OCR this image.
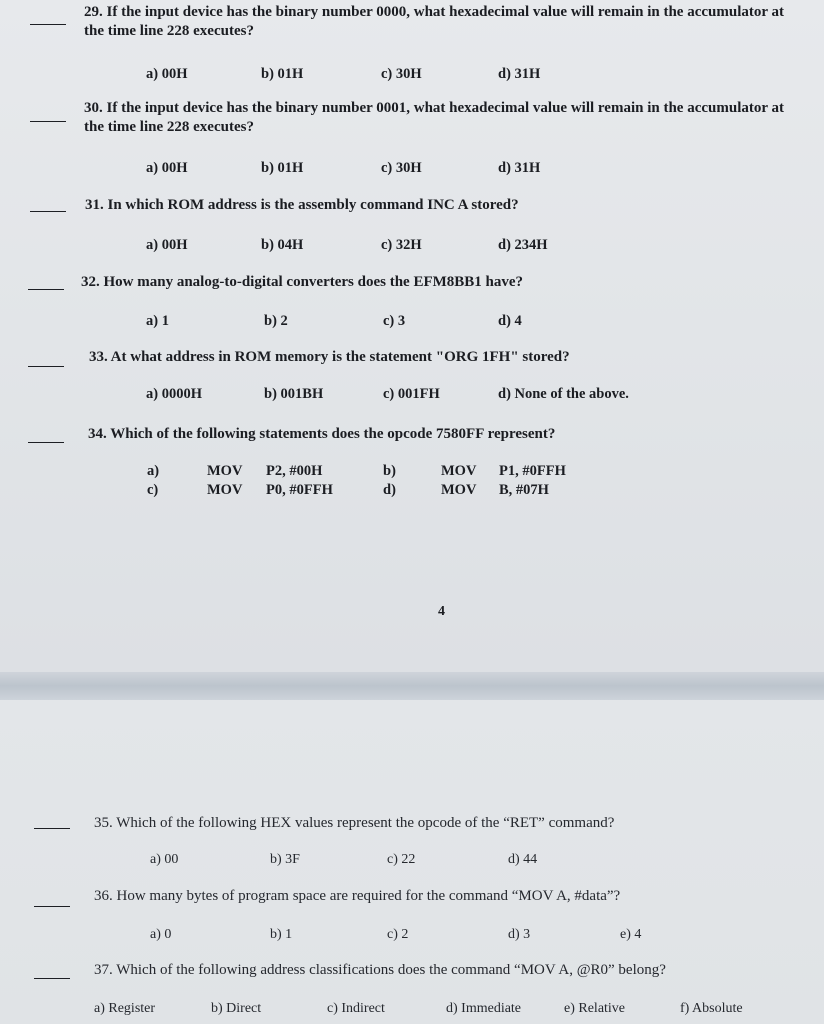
29. If the input device has the binary number 0000, what hexadecimal value will remain in the accumulator at the time line 228 executes?
a) 00H	b) 01H	c) 30H	d) 31H
30. If the input device has the binary number 0001, what hexadecimal value will remain in the accumulator at the time line 228 executes?
a) 00H	b) 01H	c) 30H	d) 31H
31. In which ROM address is the assembly command INC A stored?
a) 00H	b) 04H	c) 32H	d) 234H
32. How many analog-to-digital converters does the EFM8BB1 have?
a) 1	b) 2	c) 3	d) 4
33. At what address in ROM memory is the statement "ORG 1FH" stored?
a) 0000H	b) 001BH	c) 001FH	d) None of the above.
34. Which of the following statements does the opcode 7580FF represent?
a)	MOV P2, #00H	b)	MOV P1, #0FFH
c)	MOV P0, #0FFH	d)	MOV B, #07H
4
35. Which of the following HEX values represent the opcode of the “RET” command?
a) 00	b) 3F	c) 22	d) 44
36. How many bytes of program space are required for the command “MOV A, #data”?
a) 0	b) 1	c) 2	d) 3	e) 4
37. Which of the following address classifications does the command “MOV A, @R0” belong?
a) Register	b) Direct	c) Indirect	d) Immediate	e) Relative	f) Absolute
